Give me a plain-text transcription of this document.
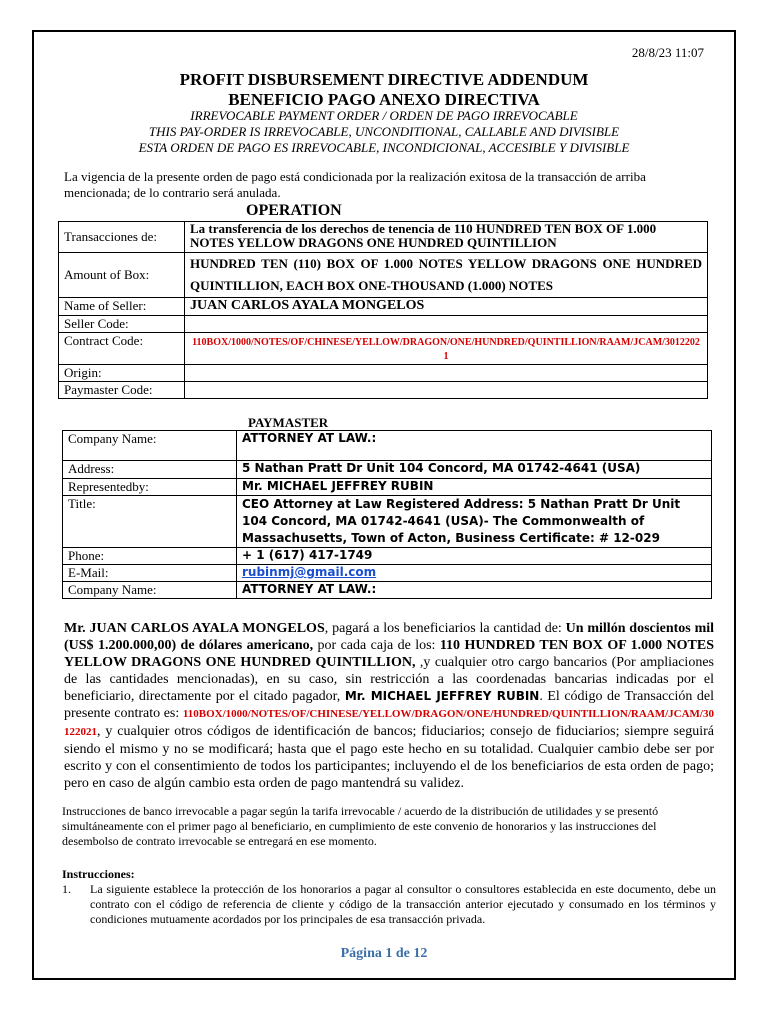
28/8/23 11:07
PROFIT DISBURSEMENT DIRECTIVE ADDENDUM
BENEFICIO PAGO ANEXO DIRECTIVA
IRREVOCABLE PAYMENT ORDER / ORDEN DE PAGO IRREVOCABLE
THIS PAY-ORDER IS IRREVOCABLE, UNCONDITIONAL, CALLABLE AND DIVISIBLE
ESTA ORDEN DE PAGO ES IRREVOCABLE, INCONDICIONAL, ACCESIBLE Y DIVISIBLE
La vigencia de la presente orden de pago está condicionada por la realización exitosa de la transacción de arriba mencionada; de lo contrario será anulada.
OPERATION
Transacciones de:	La transferencia de los derechos de tenencia de 110 HUNDRED TEN BOX OF 1.000 NOTES YELLOW DRAGONS ONE HUNDRED QUINTILLION
Amount of Box:	HUNDRED TEN (110) BOX OF 1.000 NOTES YELLOW DRAGONS ONE HUNDRED QUINTILLION, EACH BOX ONE-THOUSAND (1.000) NOTES
Name of Seller:	JUAN CARLOS AYALA MONGELOS
Seller Code:	
Contract Code:	110BOX/1000/NOTES/OF/CHINESE/YELLOW/DRAGON/ONE/HUNDRED/QUINTILLION/RAAM/JCAM/30122021
Origin:	
Paymaster Code:	
PAYMASTER
Company Name:	ATTORNEY AT LAW.:
Address:	5 Nathan Pratt Dr Unit 104 Concord, MA 01742-4641 (USA)
Representedby:	Mr. MICHAEL JEFFREY RUBIN
Title:	CEO Attorney at Law Registered Address: 5 Nathan Pratt Dr Unit 104 Concord, MA 01742-4641 (USA)- The Commonwealth of Massachusetts, Town of Acton, Business Certificate: # 12-029
Phone:	+ 1 (617) 417-1749
E-Mail:	rubinmj@gmail.com
Company Name:	ATTORNEY AT LAW.:
Mr. JUAN CARLOS AYALA MONGELOS, pagará a los beneficiarios la cantidad de: Un millón doscientos mil (US$ 1.200.000,00) de dólares americano, por cada caja de los: 110 HUNDRED TEN BOX OF 1.000 NOTES YELLOW DRAGONS ONE HUNDRED QUINTILLION, ,y cualquier otro cargo bancarios (Por ampliaciones de las cantidades mencionadas), en su caso, sin restricción a las coordenadas bancarias indicadas por el beneficiario, directamente por el citado pagador, Mr. MICHAEL JEFFREY RUBIN. El código de Transacción del presente contrato es: 110BOX/1000/NOTES/OF/CHINESE/YELLOW/DRAGON/ONE/HUNDRED/QUINTILLION/RAAM/JCAM/30122021, y cualquier otros códigos de identificación de bancos; fiduciarios; consejo de fiduciarios; siempre seguirá siendo el mismo y no se modificará; hasta que el pago este hecho en su totalidad. Cualquier cambio debe ser por escrito y con el consentimiento de todos los participantes; incluyendo el de los beneficiarios de esta orden de pago; pero en caso de algún cambio esta orden de pago mantendrá su validez.
Instrucciones de banco irrevocable a pagar según la tarifa irrevocable / acuerdo de la distribución de utilidades y se presentó simultáneamente con el primer pago al beneficiario, en cumplimiento de este convenio de honorarios y las instrucciones del desembolso de contrato irrevocable se entregará en ese momento.
Instrucciones:
1. La siguiente establece la protección de los honorarios a pagar al consultor o consultores establecida en este documento, debe un contrato con el código de referencia de cliente y código de la transacción anterior ejecutado y consumado en los términos y condiciones mutuamente acordados por los principales de esa transacción privada.
Página 1 de 12
